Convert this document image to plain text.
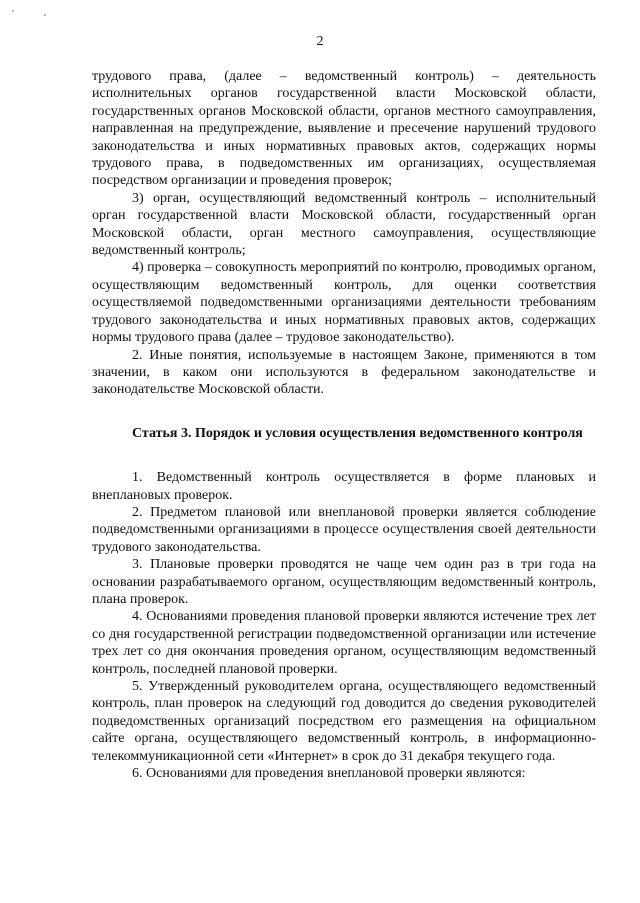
2

трудового права, (далее – ведомственный контроль) – деятельность исполнительных органов государственной власти Московской области, государственных органов Московской области, органов местного самоуправления, направленная на предупреждение, выявление и пресечение нарушений трудового законодательства и иных нормативных правовых актов, содержащих нормы трудового права, в подведомственных им организациях, осуществляемая посредством организации и проведения проверок;

3) орган, осуществляющий ведомственный контроль – исполнительный орган государственной власти Московской области, государственный орган Московской области, орган местного самоуправления, осуществляющие ведомственный контроль;

4) проверка – совокупность мероприятий по контролю, проводимых органом, осуществляющим ведомственный контроль, для оценки соответствия осуществляемой подведомственными организациями деятельности требованиям трудового законодательства и иных нормативных правовых актов, содержащих нормы трудового права (далее – трудовое законодательство).

2. Иные понятия, используемые в настоящем Законе, применяются в том значении, в каком они используются в федеральном законодательстве и законодательстве Московской области.

Статья 3. Порядок и условия осуществления ведомственного контроля

1. Ведомственный контроль осуществляется в форме плановых и внеплановых проверок.

2. Предметом плановой или внеплановой проверки является соблюдение подведомственными организациями в процессе осуществления своей деятельности трудового законодательства.

3. Плановые проверки проводятся не чаще чем один раз в три года на основании разрабатываемого органом, осуществляющим ведомственный контроль, плана проверок.

4. Основаниями проведения плановой проверки являются истечение трех лет со дня государственной регистрации подведомственной организации или истечение трех лет со дня окончания проведения органом, осуществляющим ведомственный контроль, последней плановой проверки.

5. Утвержденный руководителем органа, осуществляющего ведомственный контроль, план проверок на следующий год доводится до сведения руководителей подведомственных организаций посредством его размещения на официальном сайте органа, осуществляющего ведомственный контроль, в информационно-телекоммуникационной сети «Интернет» в срок до 31 декабря текущего года.

6. Основаниями для проведения внеплановой проверки являются:
